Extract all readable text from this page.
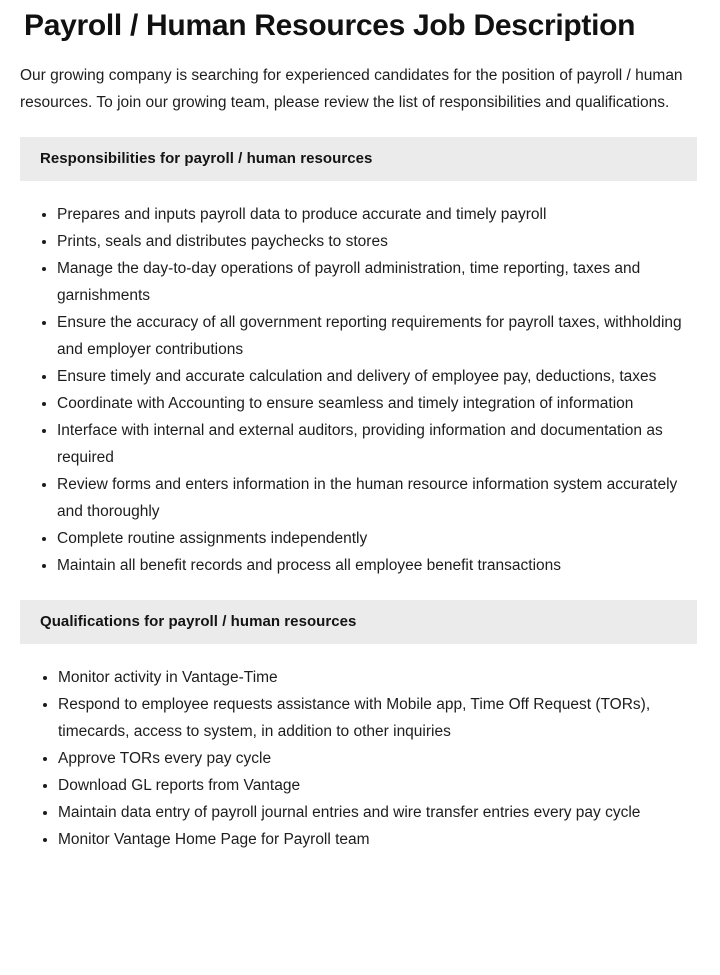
Payroll / Human Resources Job Description

Our growing company is searching for experienced candidates for the position of payroll / human resources. To join our growing team, please review the list of responsibilities and qualifications.

Responsibilities for payroll / human resources
Prepares and inputs payroll data to produce accurate and timely payroll
Prints, seals and distributes paychecks to stores
Manage the day-to-day operations of payroll administration, time reporting, taxes and garnishments
Ensure the accuracy of all government reporting requirements for payroll taxes, withholding and employer contributions
Ensure timely and accurate calculation and delivery of employee pay, deductions, taxes
Coordinate with Accounting to ensure seamless and timely integration of information
Interface with internal and external auditors, providing information and documentation as required
Review forms and enters information in the human resource information system accurately and thoroughly
Complete routine assignments independently
Maintain all benefit records and process all employee benefit transactions
Qualifications for payroll / human resources
Monitor activity in Vantage-Time
Respond to employee requests assistance with Mobile app, Time Off Request (TORs), timecards, access to system, in addition to other inquiries
Approve TORs every pay cycle
Download GL reports from Vantage
Maintain data entry of payroll journal entries and wire transfer entries every pay cycle
Monitor Vantage Home Page for Payroll team
